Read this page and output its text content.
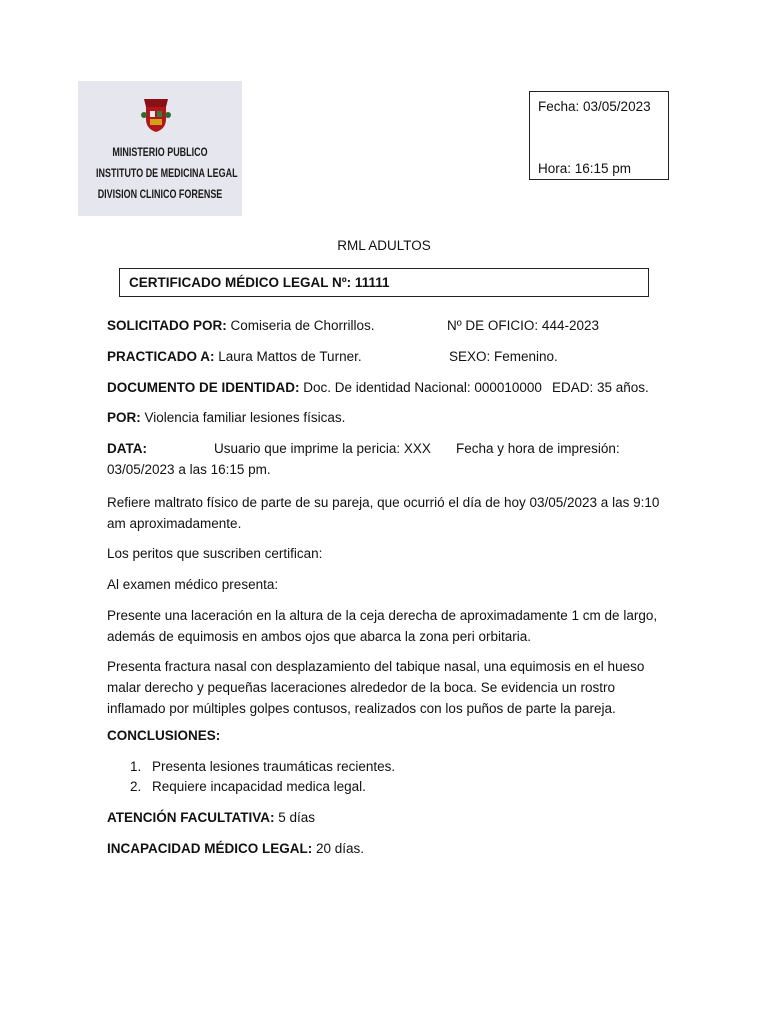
MINISTERIO PUBLICO
INSTITUTO DE MEDICINA LEGAL
DIVISION CLINICO FORENSE
Fecha: 03/05/2023
Hora: 16:15 pm
RML ADULTOS
CERTIFICADO MÉDICO LEGAL Nº: 11111
SOLICITADO POR: Comiseria de Chorrillos.	Nº DE OFICIO: 444-2023
PRACTICADO A: Laura Mattos de Turner.	SEXO: Femenino.
DOCUMENTO DE IDENTIDAD: Doc. De identidad Nacional: 000010000 EDAD: 35 años.
POR: Violencia familiar lesiones físicas.
DATA:	Usuario que imprime la pericia: XXX Fecha y hora de impresión:
03/05/2023 a las 16:15 pm.
Refiere maltrato físico de parte de su pareja, que ocurrió el día de hoy 03/05/2023 a las 9:10 am aproximadamente.
Los peritos que suscriben certifican:
Al examen médico presenta:
Presente una laceración en la altura de la ceja derecha de aproximadamente 1 cm de largo, además de equimosis en ambos ojos que abarca la zona peri orbitaria.
Presenta fractura nasal con desplazamiento del tabique nasal, una equimosis en el hueso malar derecho y pequeñas laceraciones alrededor de la boca. Se evidencia un rostro inflamado por múltiples golpes contusos, realizados con los puños de parte la pareja.
CONCLUSIONES:
1. Presenta lesiones traumáticas recientes.
2. Requiere incapacidad medica legal.
ATENCIÓN FACULTATIVA: 5 días
INCAPACIDAD MÉDICO LEGAL: 20 días.
